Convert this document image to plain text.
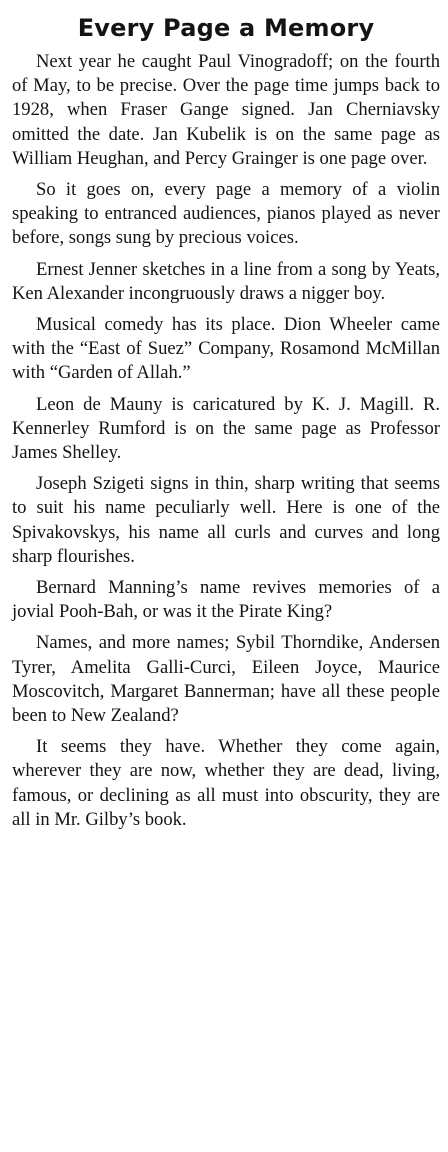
Every Page a Memory

Next year he caught Paul Vinogradoff; on the fourth of May, to be precise. Over the page time jumps back to 1928, when Fraser Gange signed. Jan Cherniavsky omitted the date. Jan Kubelik is on the same page as William Heughan, and Percy Grainger is one page over.

So it goes on, every page a memory of a violin speaking to entranced audiences, pianos played as never before, songs sung by precious voices.

Ernest Jenner sketches in a line from a song by Yeats, Ken Alexander incongruously draws a nigger boy.

Musical comedy has its place. Dion Wheeler came with the “East of Suez” Company, Rosamond McMillan with “Garden of Allah.”

Leon de Mauny is caricatured by K. J. Magill. R. Kennerley Rumford is on the same page as Professor James Shelley.

Joseph Szigeti signs in thin, sharp writing that seems to suit his name peculiarly well. Here is one of the Spivakovskys, his name all curls and curves and long sharp flourishes.

Bernard Manning’s name revives memories of a jovial Pooh-Bah, or was it the Pirate King?

Names, and more names; Sybil Thorndike, Andersen Tyrer, Amelita Galli-Curci, Eileen Joyce, Maurice Moscovitch, Margaret Bannerman; have all these people been to New Zealand?

It seems they have. Whether they come again, wherever they are now, whether they are dead, living, famous, or declining as all must into obscurity, they are all in Mr. Gilby’s book.
